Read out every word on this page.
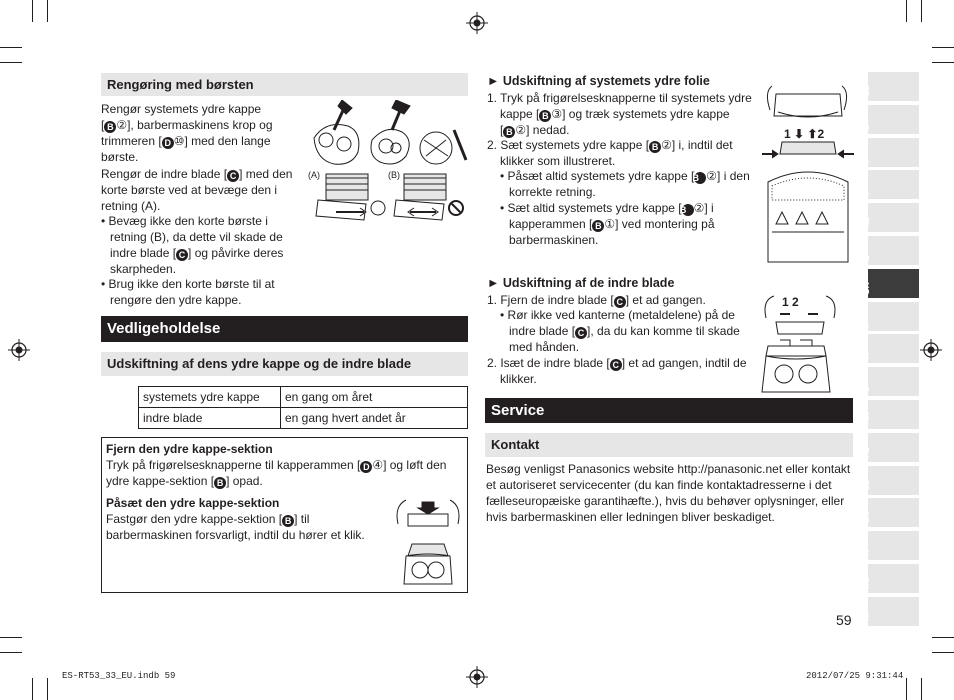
Rengøring med børsten
Rengør systemets ydre kappe
[ B ②], barbermaskinens krop og
trimmeren [ D ⑩] med den lange
børste.
Rengør de indre blade [ C ] med den
korte børste ved at bevæge den i
retning (A).
• Bevæg ikke den korte børste i
retning (B), da dette vil skade de
indre blade [ C ] og påvirke deres
skarpheden.
• Brug ikke den korte børste til at
rengøre den ydre kappe.
(A)	(B)
Vedligeholdelse
Udskiftning af dens ydre kappe og de indre blade
systemets ydre kappe	en gang om året
indre blade	en gang hvert andet år
Fjern den ydre kappe-sektion
Tryk på frigørelsesknapperne til kapperammen [ D ④] og løft den
ydre kappe-sektion [ B ] opad.
Påsæt den ydre kappe-sektion
Fastgør den ydre kappe-sektion [ B ] til
barbermaskinen forsvarligt, indtil du hører et klik.
► Udskiftning af systemets ydre folie
1. Tryk på frigørelsesknapperne til systemets ydre
kappe [ B ③] og træk systemets ydre kappe
[ B ②] nedad.
2. Sæt systemets ydre kappe [ B ②] i, indtil det
klikker som illustreret.
• Påsæt altid systemets ydre kappe [B ②] i den
korrekte retning.
• Sæt altid systemets ydre kappe [B ②] i
kapperammen [ B ①] ved montering på
barbermaskinen.
1 ⬇ ⬆2
► Udskiftning af de indre blade
1. Fjern de indre blade [ C ] et ad gangen.
• Rør ikke ved kanterne (metaldelene) på de
indre blade [ C ], da du kan komme til skade
med hånden.
2. Isæt de indre blade [ C ] et ad gangen, indtil de
klikker.
1 2
Service
Kontakt
Besøg venligst Panasonics website http://panasonic.net eller kontakt
et autoriseret servicecenter (du kan finde kontaktadresserne i det
fælleseuropæiske garantihæfte.), hvis du behøver oplysninger, eller
hvis barbermaskinen eller ledningen bliver beskadiget.
59
GB
D
F
I
NL
E
DK
P
N
S
FIN
PL
CZ
SK
H
RO
TR
ES-RT53_33_EU.indb 59	2012/07/25 9:31:44
